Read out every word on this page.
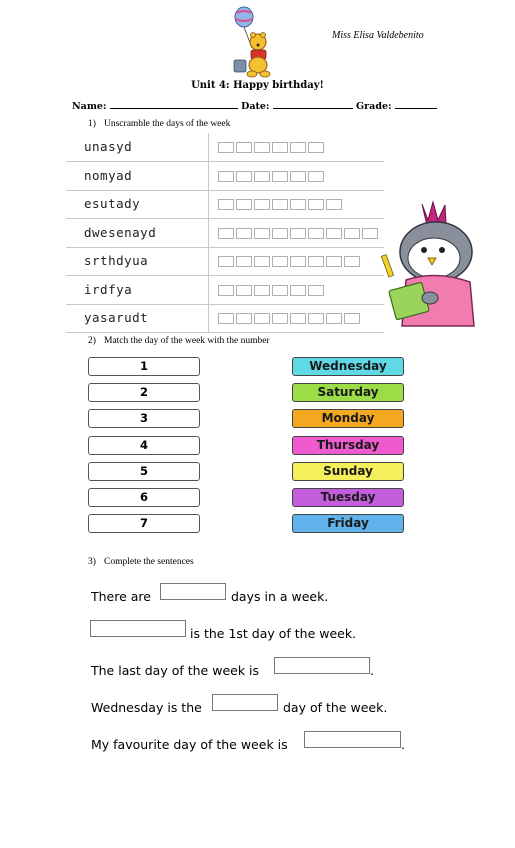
Miss Elisa Valdebenito
Unit 4: Happy birthday!
Name:	Date:	Grade:
1) Unscramble the days of the week
unasyd
nomyad
esutady
dwesenayd
srthdyua
irdfya
yasarudt
2) Match the day of the week with the number
1
2
3
4
5
6
7
Wednesday
Saturday
Monday
Thursday
Sunday
Tuesday
Friday
3) Complete the sentences
There are	days in a week.
is the 1st day of the week.
The last day of the week is	.
Wednesday is the	day of the week.
My favourite day of the week is	.
